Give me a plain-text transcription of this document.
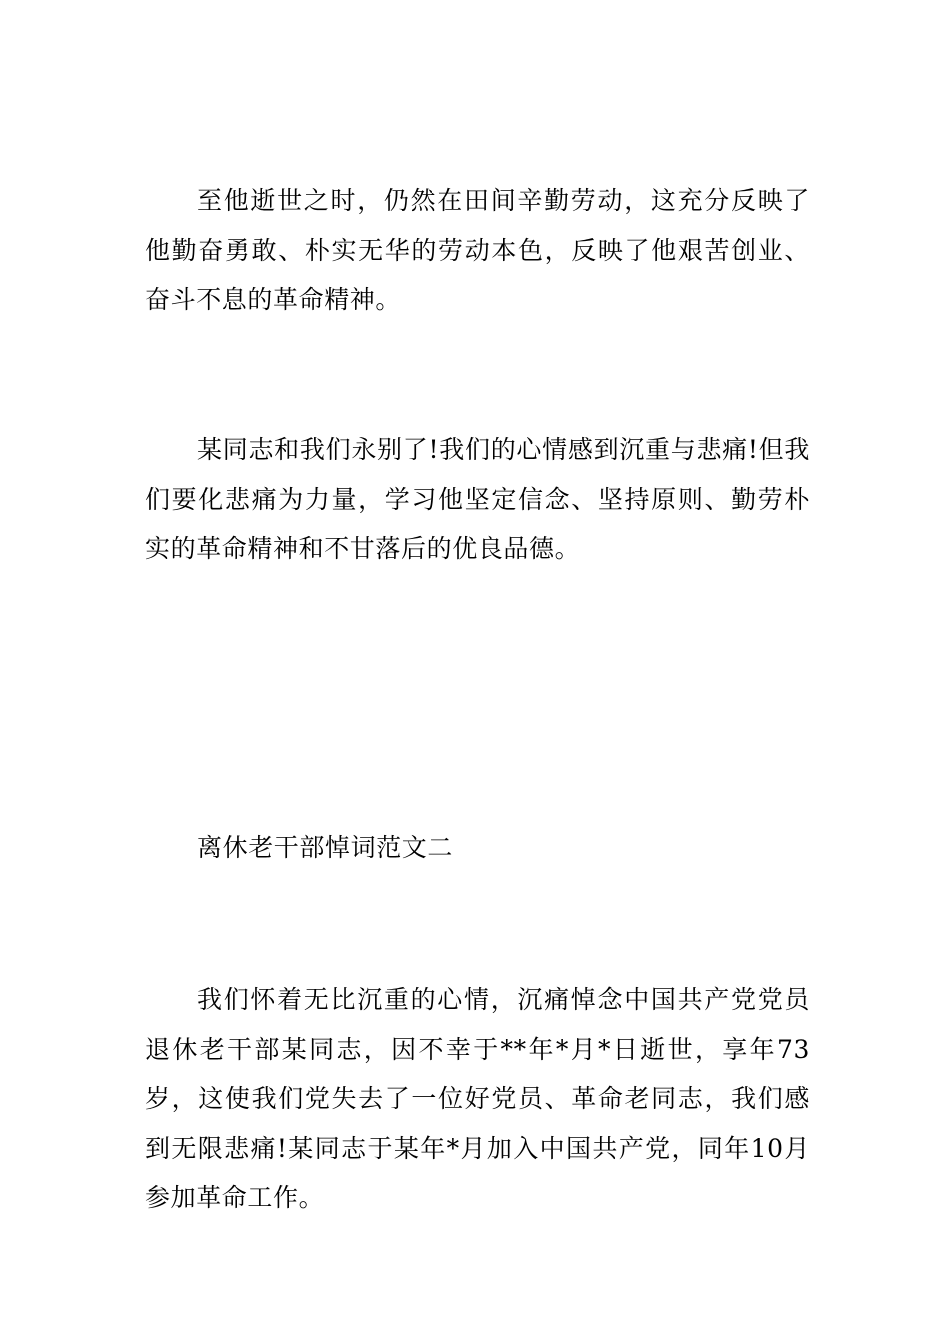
至他逝世之时，仍然在田间辛勤劳动，这充分反映了他勤奋勇敢、朴实无华的劳动本色，反映了他艰苦创业、奋斗不息的革命精神。

某同志和我们永别了!我们的心情感到沉重与悲痛!但我们要化悲痛为力量，学习他坚定信念、坚持原则、勤劳朴实的革命精神和不甘落后的优良品德。

离休老干部悼词范文二

我们怀着无比沉重的心情，沉痛悼念中国共产党党员退休老干部某同志，因不幸于**年*月*日逝世，享年73岁，这使我们党失去了一位好党员、革命老同志，我们感到无限悲痛!某同志于某年*月加入中国共产党，同年10月参加革命工作。
